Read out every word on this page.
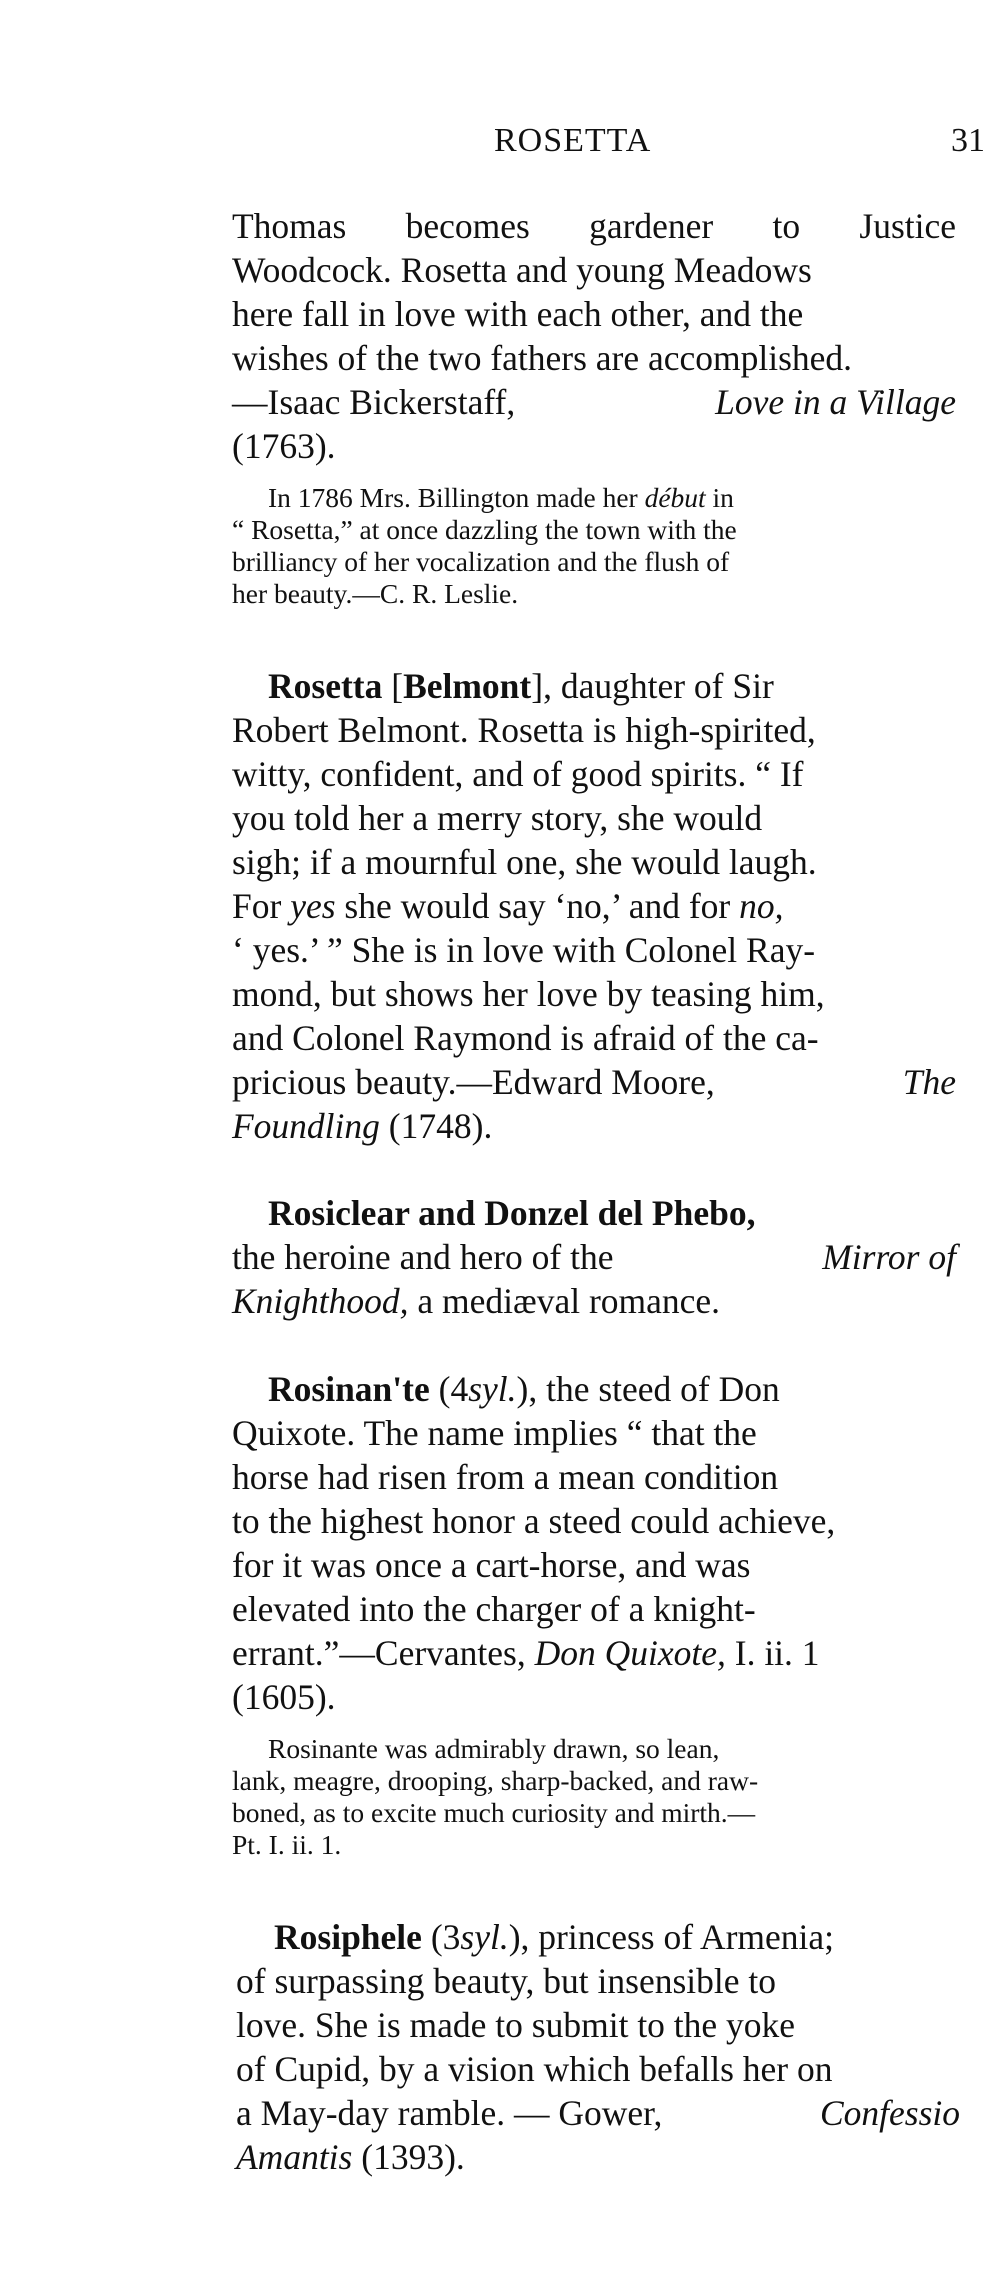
ROSETTA	31
Thomas becomes gardener to Justice
Woodcock. Rosetta and young Meadows
here fall in love with each other, and the
wishes of the two fathers are accomplished.
—Isaac Bickerstaff,	Love in a Village
(1763).
In 1786 Mrs. Billington made her début in
“ Rosetta,” at once dazzling the town with the
brilliancy of her vocalization and the flush of
her beauty.—C. R. Leslie.
Rosetta [Belmont], daughter of Sir
Robert Belmont. Rosetta is high-spirited,
witty, confident, and of good spirits. “ If
you told her a merry story, she would
sigh; if a mournful one, she would laugh.
For yes she would say ‘no,’ and for no,
‘ yes.’ ” She is in love with Colonel Ray-
mond, but shows her love by teasing him,
and Colonel Raymond is afraid of the ca-
pricious beauty.—Edward Moore,	The
Foundling (1748).
Rosiclear and Donzel del Phebo,
the heroine and hero of the	Mirror of
Knighthood, a mediæval romance.
Rosinan'te (4syl.), the steed of Don
Quixote. The name implies “ that the
horse had risen from a mean condition
to the highest honor a steed could achieve,
for it was once a cart-horse, and was
elevated into the charger of a knight-
errant.”—Cervantes, Don Quixote, I. ii. 1
(1605).
Rosinante was admirably drawn, so lean,
lank, meagre, drooping, sharp-backed, and raw-
boned, as to excite much curiosity and mirth.—
Pt. I. ii. 1.
Rosiphele (3syl.), princess of Armenia;
of surpassing beauty, but insensible to
love. She is made to submit to the yoke
of Cupid, by a vision which befalls her on
a May-day ramble. — Gower,	Confessio
Amantis (1393).
